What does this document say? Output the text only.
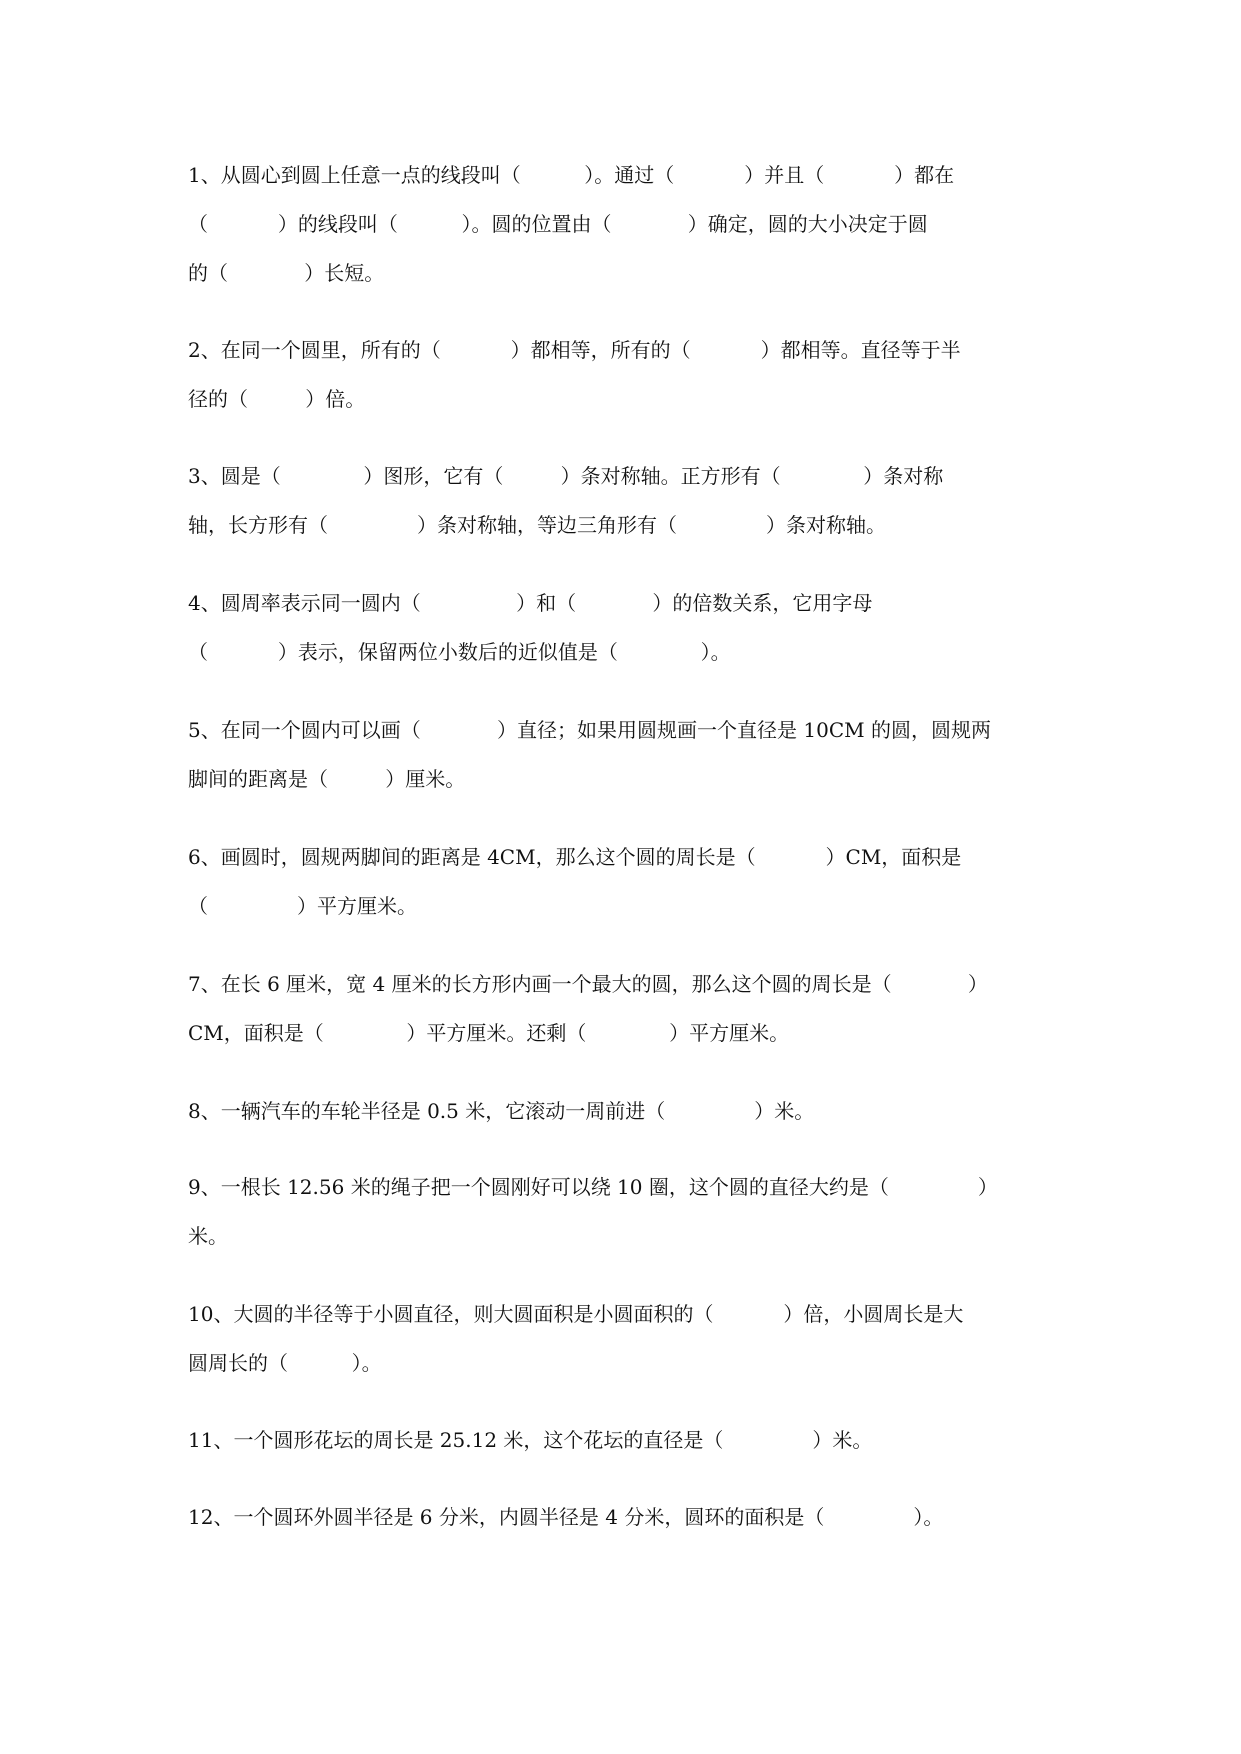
1、从圆心到圆上任意一点的线段叫（          ）。通过（           ）并且（           ）都在
（           ）的线段叫（          ）。圆的位置由（            ）确定，圆的大小决定于圆
的（            ）长短。
2、在同一个圆里，所有的（           ）都相等，所有的（           ）都相等。直径等于半
径的（         ）倍。
3、圆是（             ）图形，它有（         ）条对称轴。正方形有（             ）条对称
轴，长方形有（              ）条对称轴，等边三角形有（              ）条对称轴。
4、圆周率表示同一圆内（               ）和（            ）的倍数关系，它用字母
（           ）表示，保留两位小数后的近似值是（             ）。
5、在同一个圆内可以画（            ）直径；如果用圆规画一个直径是 10CM 的圆，圆规两
脚间的距离是（         ）厘米。
6、画圆时，圆规两脚间的距离是 4CM，那么这个圆的周长是（           ）CM，面积是
（              ）平方厘米。
7、在长 6 厘米，宽 4 厘米的长方形内画一个最大的圆，那么这个圆的周长是（            ）
CM，面积是（             ）平方厘米。还剩（             ）平方厘米。
8、一辆汽车的车轮半径是 0.5 米，它滚动一周前进（              ）米。
9、一根长 12.56 米的绳子把一个圆刚好可以绕 10 圈，这个圆的直径大约是（              ）
米。
10、大圆的半径等于小圆直径，则大圆面积是小圆面积的（           ）倍，小圆周长是大
圆周长的（          ）。
11、一个圆形花坛的周长是 25.12 米，这个花坛的直径是（              ）米。
12、一个圆环外圆半径是 6 分米，内圆半径是 4 分米，圆环的面积是（              ）。
